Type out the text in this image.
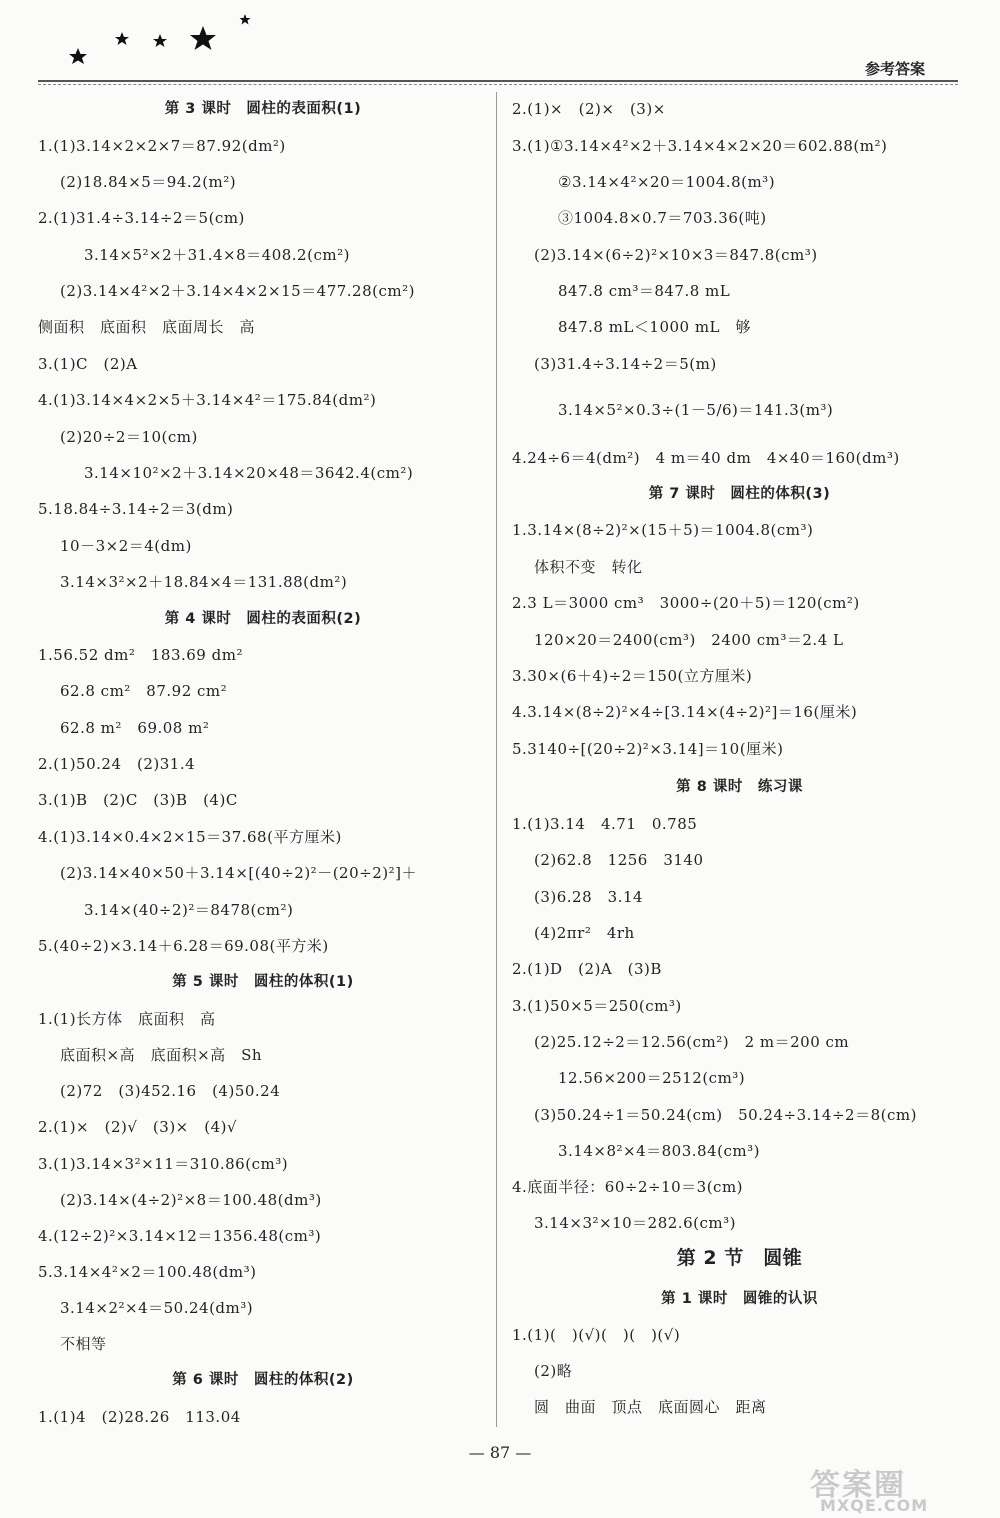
参考答案
第 3 课时　圆柱的表面积(1)
1.(1)3.14×2×2×7＝87.92(dm²)
(2)18.84×5＝94.2(m²)
2.(1)31.4÷3.14÷2＝5(cm)
3.14×5²×2＋31.4×8＝408.2(cm²)
(2)3.14×4²×2＋3.14×4×2×15＝477.28(cm²)
侧面积　底面积　底面周长　高
3.(1)C　(2)A
4.(1)3.14×4×2×5＋3.14×4²＝175.84(dm²)
(2)20÷2＝10(cm)
3.14×10²×2＋3.14×20×48＝3642.4(cm²)
5.18.84÷3.14÷2＝3(dm)
10－3×2＝4(dm)
3.14×3²×2＋18.84×4＝131.88(dm²)
第 4 课时　圆柱的表面积(2)
1.56.52 dm²　183.69 dm²
62.8 cm²　87.92 cm²
62.8 m²　69.08 m²
2.(1)50.24　(2)31.4
3.(1)B　(2)C　(3)B　(4)C
4.(1)3.14×0.4×2×15＝37.68(平方厘米)
(2)3.14×40×50＋3.14×[(40÷2)²－(20÷2)²]＋
3.14×(40÷2)²＝8478(cm²)
5.(40÷2)×3.14＋6.28＝69.08(平方米)
第 5 课时　圆柱的体积(1)
1.(1)长方体　底面积　高
底面积×高　底面积×高　Sh
(2)72　(3)452.16　(4)50.24
2.(1)×　(2)√　(3)×　(4)√
3.(1)3.14×3²×11＝310.86(cm³)
(2)3.14×(4÷2)²×8＝100.48(dm³)
4.(12÷2)²×3.14×12＝1356.48(cm³)
5.3.14×4²×2＝100.48(dm³)
3.14×2²×4＝50.24(dm³)
不相等
第 6 课时　圆柱的体积(2)
1.(1)4　(2)28.26　113.04
2.(1)×　(2)×　(3)×
3.(1)①3.14×4²×2＋3.14×4×2×20＝602.88(m²)
②3.14×4²×20＝1004.8(m³)
③1004.8×0.7＝703.36(吨)
(2)3.14×(6÷2)²×10×3＝847.8(cm³)
847.8 cm³＝847.8 mL
847.8 mL＜1000 mL　够
(3)31.4÷3.14÷2＝5(m)
3.14×5²×0.3÷(1－5/6)＝141.3(m³)
4.24÷6＝4(dm²)　4 m＝40 dm　4×40＝160(dm³)
第 7 课时　圆柱的体积(3)
1.3.14×(8÷2)²×(15＋5)＝1004.8(cm³)
体积不变　转化
2.3 L＝3000 cm³　3000÷(20＋5)＝120(cm²)
120×20＝2400(cm³)　2400 cm³＝2.4 L
3.30×(6＋4)÷2＝150(立方厘米)
4.3.14×(8÷2)²×4÷[3.14×(4÷2)²]＝16(厘米)
5.3140÷[(20÷2)²×3.14]＝10(厘米)
第 8 课时　练习课
1.(1)3.14　4.71　0.785
(2)62.8　1256　3140
(3)6.28　3.14
(4)2πr²　4rh
2.(1)D　(2)A　(3)B
3.(1)50×5＝250(cm³)
(2)25.12÷2＝12.56(cm²)　2 m＝200 cm
12.56×200＝2512(cm³)
(3)50.24÷1＝50.24(cm)　50.24÷3.14÷2＝8(cm)
3.14×8²×4＝803.84(cm³)
4.底面半径：60÷2÷10＝3(cm)
3.14×3²×10＝282.6(cm³)
第 2 节　圆锥
第 1 课时　圆锥的认识
1.(1)(　)(√)(　)(　)(√)
(2)略
圆　曲面　顶点　底面圆心　距离
— 87 —
答案圈
MXQE.COM
